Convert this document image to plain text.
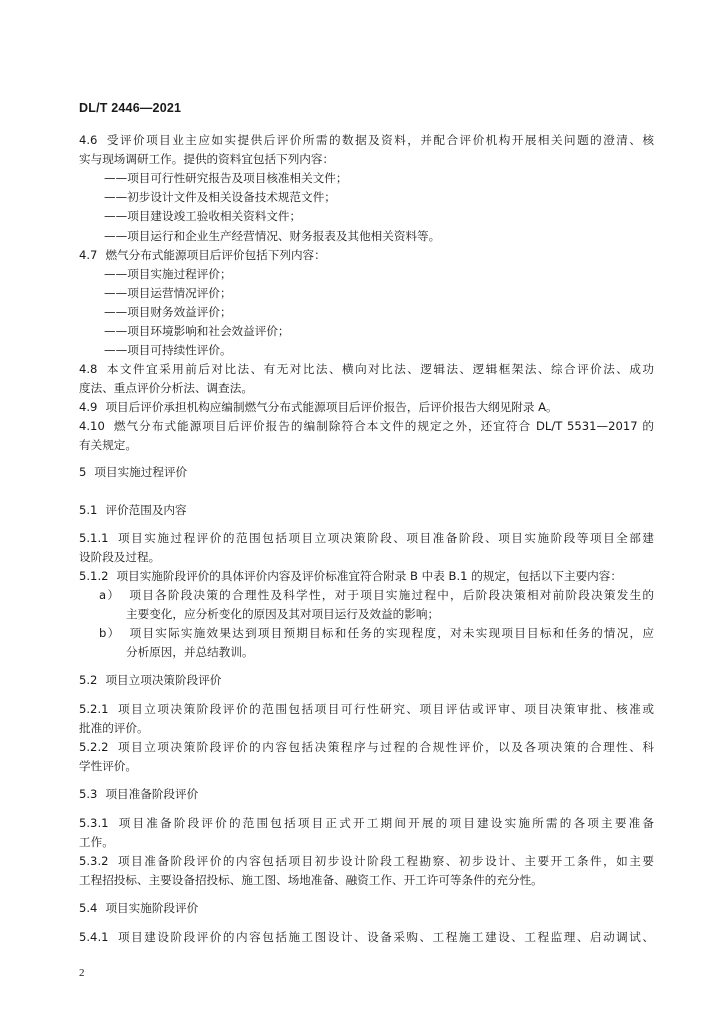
DL/T 2446—2021
4.6 受评价项目业主应如实提供后评价所需的数据及资料，并配合评价机构开展相关问题的澄清、核
实与现场调研工作。提供的资料宜包括下列内容：
——项目可行性研究报告及项目核准相关文件；
——初步设计文件及相关设备技术规范文件；
——项目建设竣工验收相关资料文件；
——项目运行和企业生产经营情况、财务报表及其他相关资料等。
4.7 燃气分布式能源项目后评价包括下列内容：
——项目实施过程评价；
——项目运营情况评价；
——项目财务效益评价；
——项目环境影响和社会效益评价；
——项目可持续性评价。
4.8 本文件宜采用前后对比法、有无对比法、横向对比法、逻辑法、逻辑框架法、综合评价法、成功
度法、重点评价分析法、调查法。
4.9 项目后评价承担机构应编制燃气分布式能源项目后评价报告，后评价报告大纲见附录 A。
4.10 燃气分布式能源项目后评价报告的编制除符合本文件的规定之外，还宜符合 DL/T 5531—2017 的
有关规定。
5 项目实施过程评价
5.1 评价范围及内容
5.1.1 项目实施过程评价的范围包括项目立项决策阶段、项目准备阶段、项目实施阶段等项目全部建
设阶段及过程。
5.1.2 项目实施阶段评价的具体评价内容及评价标准宜符合附录 B 中表 B.1 的规定，包括以下主要内容：
a） 项目各阶段决策的合理性及科学性，对于项目实施过程中，后阶段决策相对前阶段决策发生的
主要变化，应分析变化的原因及其对项目运行及效益的影响；
b） 项目实际实施效果达到项目预期目标和任务的实现程度，对未实现项目目标和任务的情况，应
分析原因，并总结教训。
5.2 项目立项决策阶段评价
5.2.1 项目立项决策阶段评价的范围包括项目可行性研究、项目评估或评审、项目决策审批、核准或
批准的评价。
5.2.2 项目立项决策阶段评价的内容包括决策程序与过程的合规性评价，以及各项决策的合理性、科
学性评价。
5.3 项目准备阶段评价
5.3.1 项目准备阶段评价的范围包括项目正式开工期间开展的项目建设实施所需的各项主要准备
工作。
5.3.2 项目准备阶段评价的内容包括项目初步设计阶段工程勘察、初步设计、主要开工条件，如主要
工程招投标、主要设备招投标、施工图、场地准备、融资工作、开工许可等条件的充分性。
5.4 项目实施阶段评价
5.4.1 项目建设阶段评价的内容包括施工图设计、设备采购、工程施工建设、工程监理、启动调试、
2
